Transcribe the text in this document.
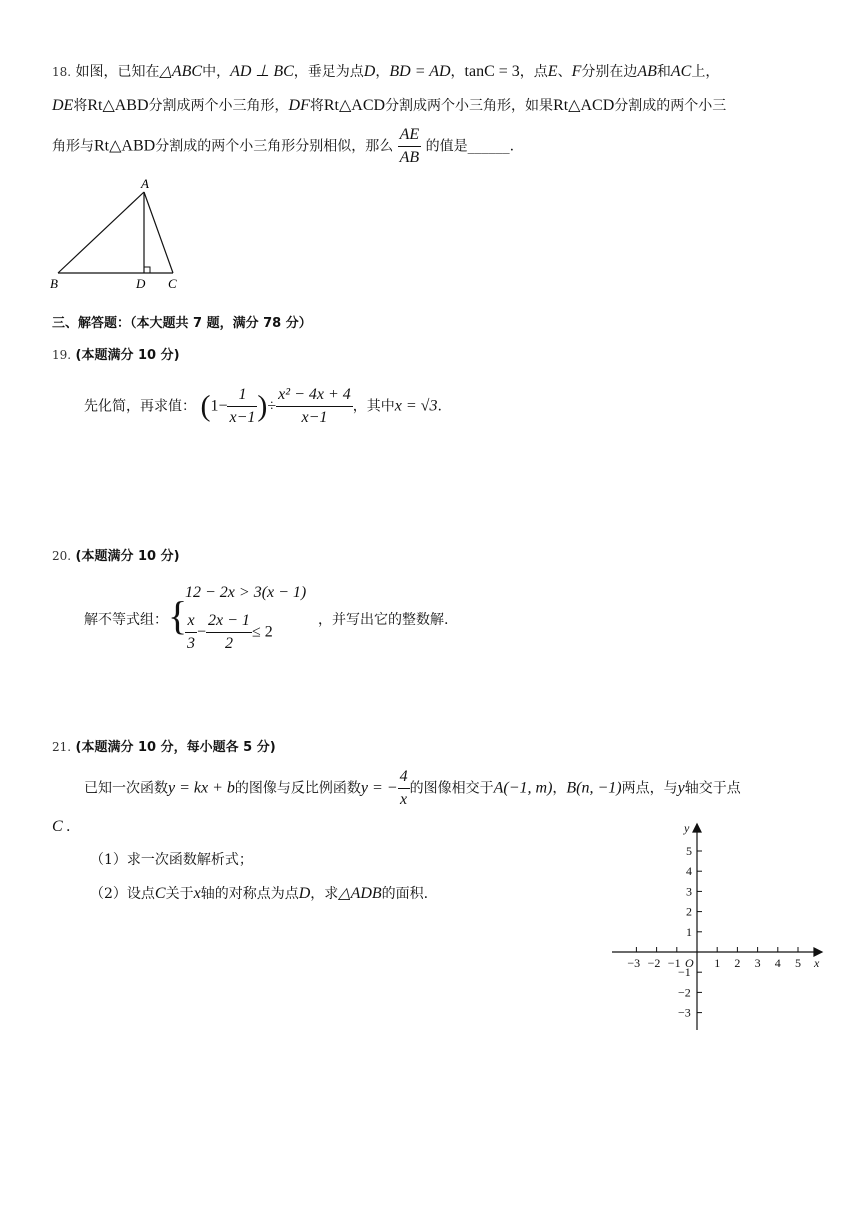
18. 如图，已知在△ABC中，AD ⊥ BC，垂足为点D，BD = AD，tanC = 3，点E、F分别在边AB和AC上，
DE将Rt△ABD分割成两个小三角形，DF将Rt△ACD分割成两个小三角形，如果Rt△ACD分割成的两个小三
角形与Rt△ABD分割成的两个小三角形分别相似，那么 $\frac{AE}{AB}$ 的值是______.
A
B	D C
三、解答题：（本大题共 7 题，满分 78 分）
19. (本题满分 10 分)
先化简，再求值： ($1- \frac{1}{x-1}$ )÷ $\frac{\text{x² − 4x + 4}}{x-1}$ ，其中x = √3.
20. (本题满分 10 分)
解不等式组： {
12 − 2x > 3(x − 1)
$\frac{x}{3} - \frac{2x - 1}{2} \le 2$
，并写出它的整数解.
21. (本题满分 10 分，每小题各 5 分)
已知一次函数y = kx + b的图像与反比例函数y = − $\frac{4}{x}$ 的图像相交于A(−1, m)，B(n, −1)两点，与y轴交于点
C .
（1）求一次函数解析式；
（2）设点C关于x轴的对称点为点D，求△ADB的面积.
−3 −2 −1	1 2 3 4 5
5
4
3
2
1
−1
−2
−3
O	x
y
